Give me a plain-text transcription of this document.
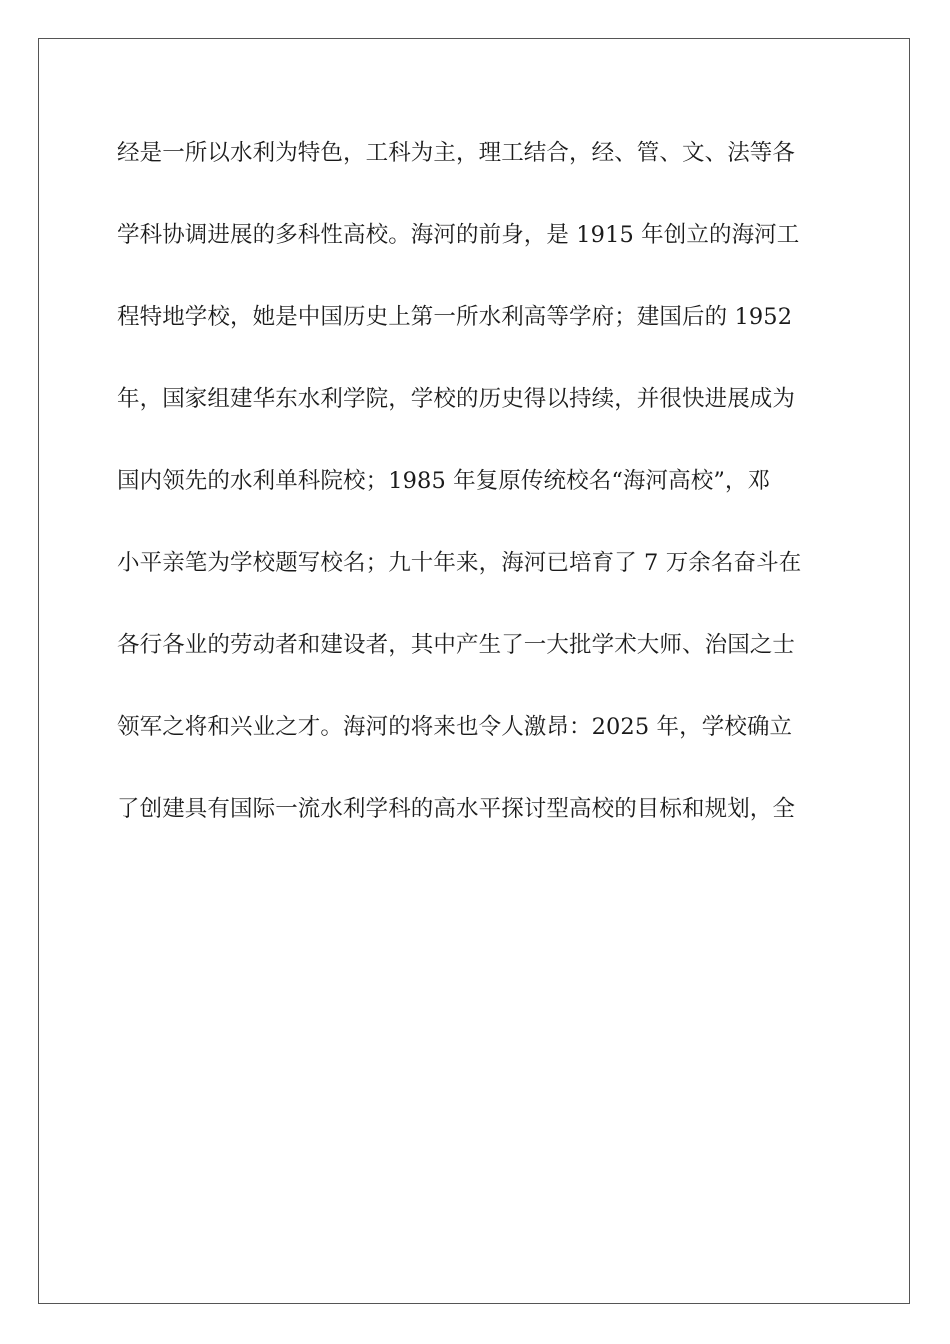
经是一所以水利为特色，工科为主，理工结合，经、管、文、法等各
学科协调进展的多科性高校。海河的前身，是 1915 年创立的海河工
程特地学校，她是中国历史上第一所水利高等学府；建国后的 1952
年，国家组建华东水利学院，学校的历史得以持续，并很快进展成为
国内领先的水利单科院校；1985 年复原传统校名“海河高校”，邓
小平亲笔为学校题写校名；九十年来，海河已培育了 7 万余名奋斗在
各行各业的劳动者和建设者，其中产生了一大批学术大师、治国之士
领军之将和兴业之才。海河的将来也令人激昂：2025 年，学校确立
了创建具有国际一流水利学科的高水平探讨型高校的目标和规划，全
